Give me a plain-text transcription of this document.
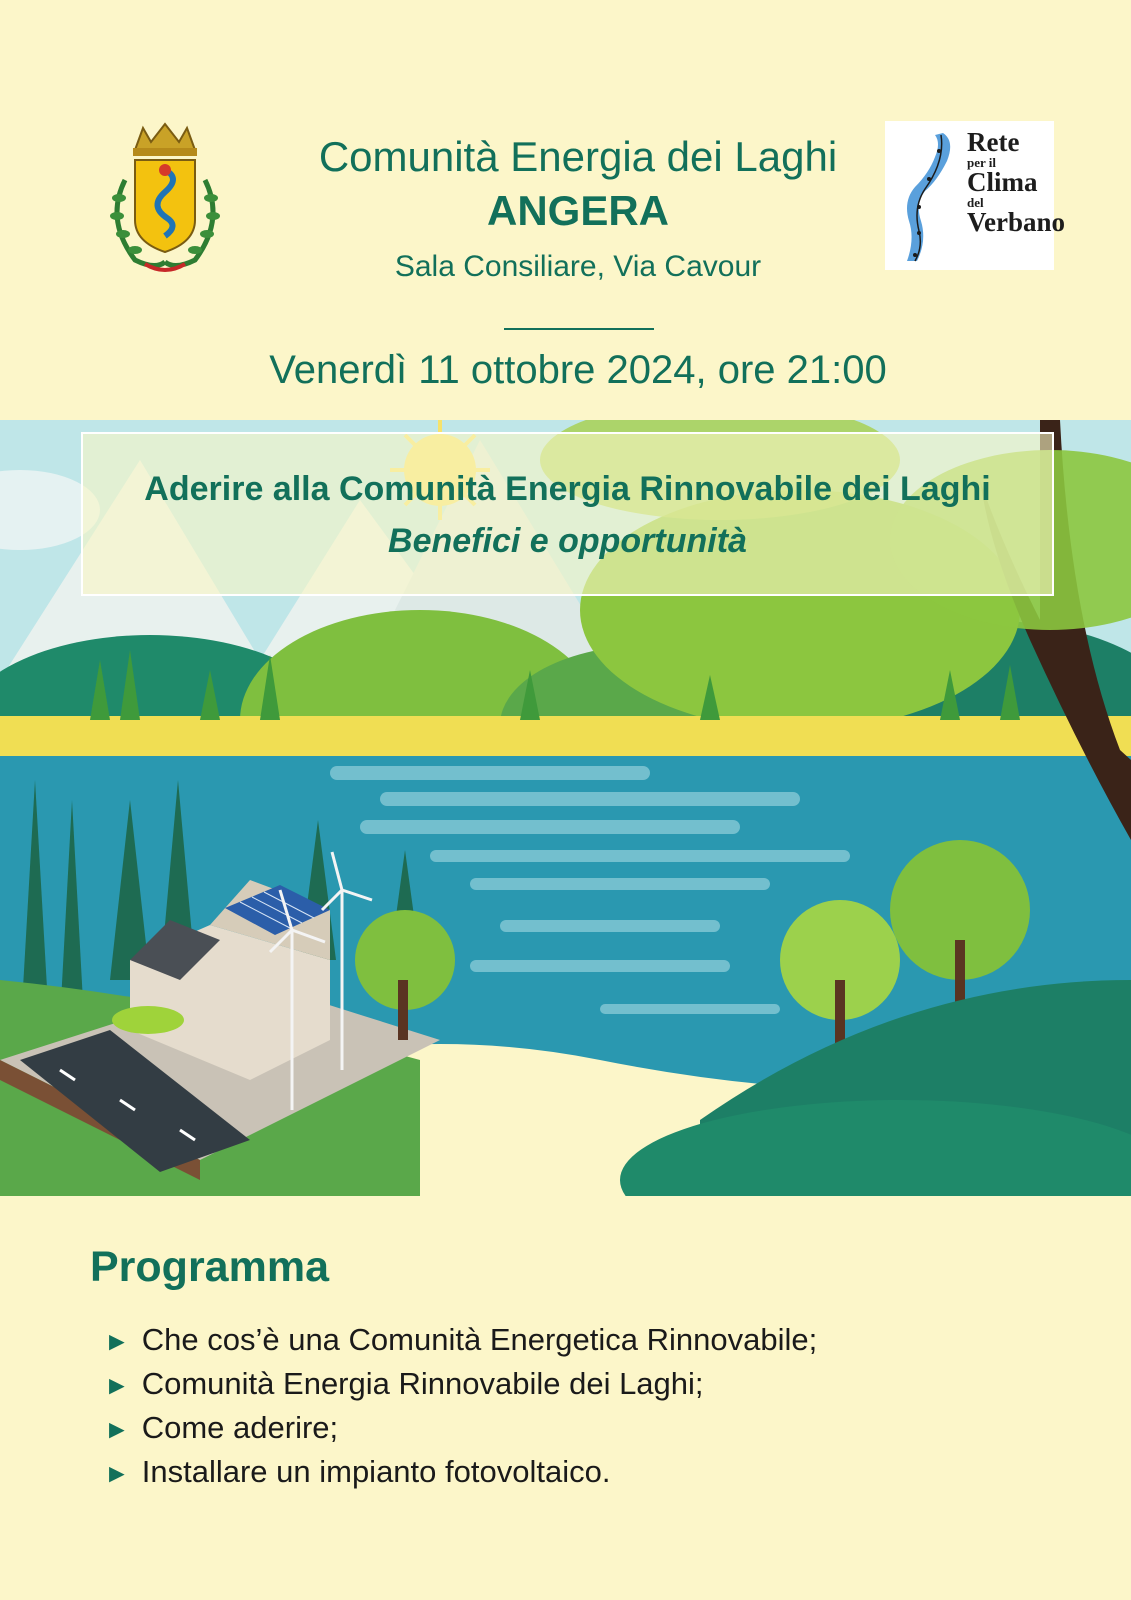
Comunità Energia dei Laghi
ANGERA
Sala Consiliare, Via Cavour
Venerdì 11 ottobre 2024, ore 21:00
Rete
per il
Clima
del
Verbano
Aderire alla Comunità Energia Rinnovabile dei Laghi
Benefici e opportunità
Programma
► Che cos’è una Comunità Energetica Rinnovabile;
► Comunità Energia Rinnovabile dei Laghi;
► Come aderire;
► Installare un impianto fotovoltaico.
